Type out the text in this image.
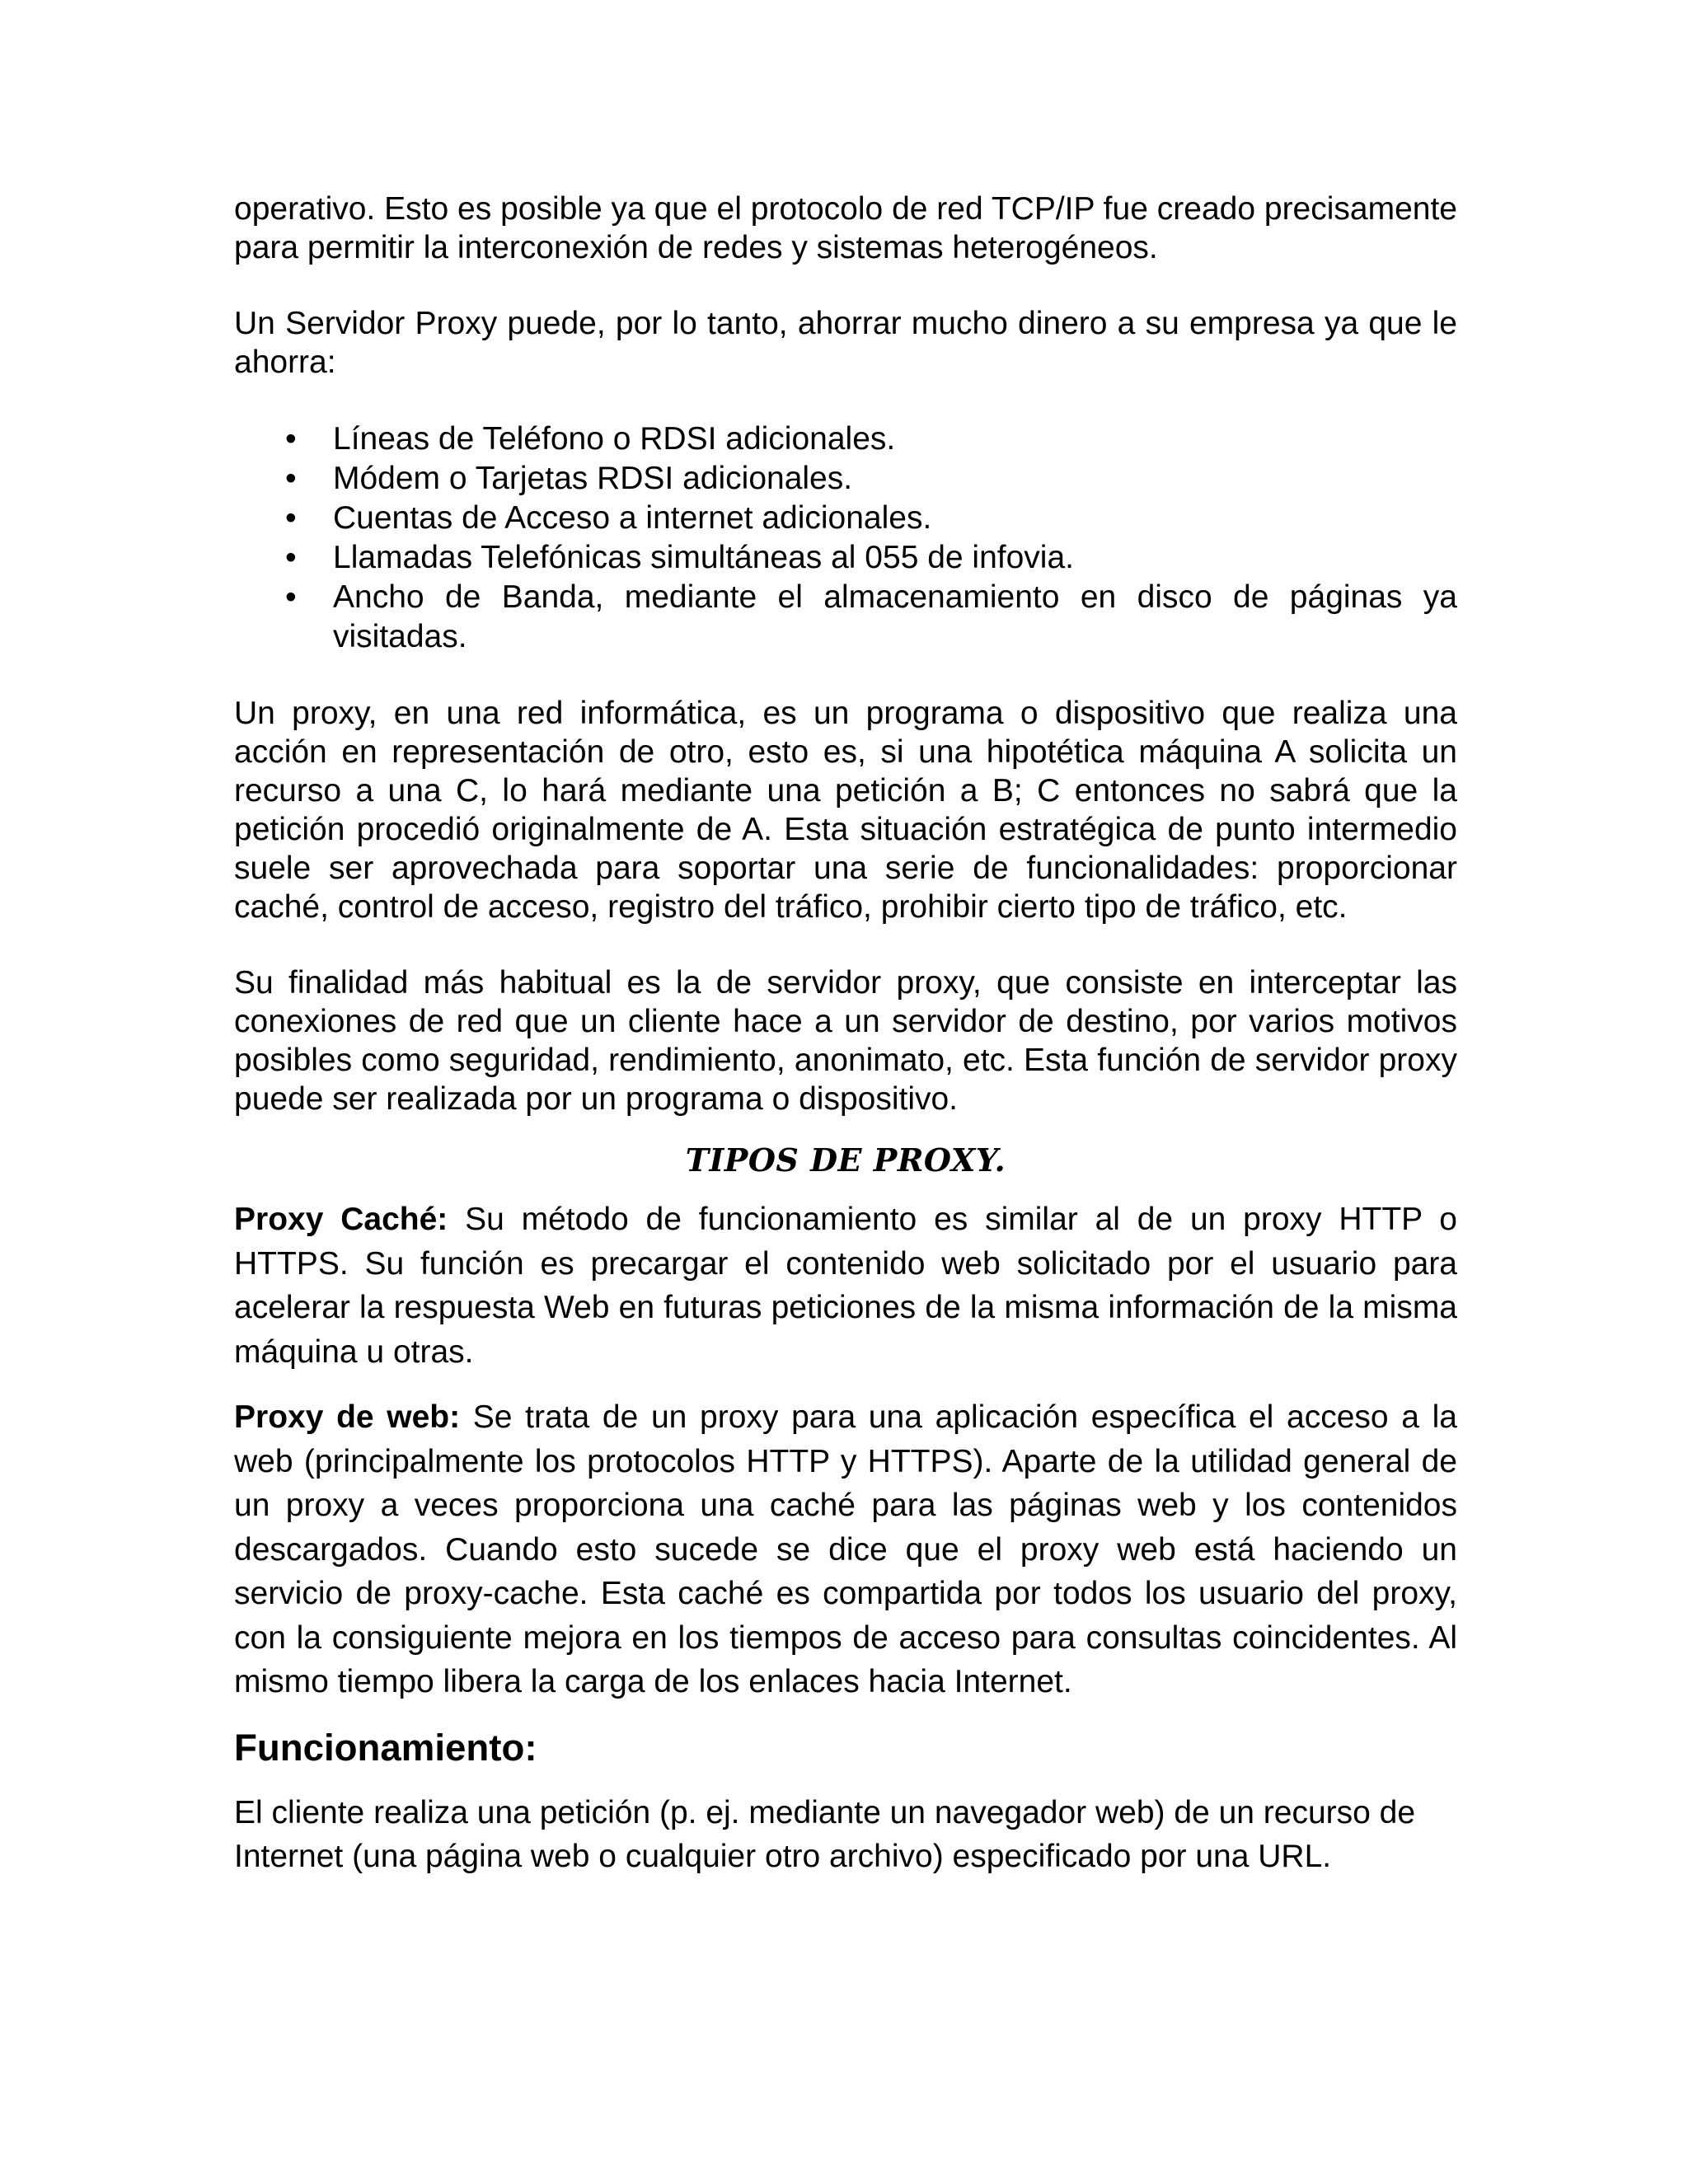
operativo. Esto es posible ya que el protocolo de red TCP/IP fue creado precisamente para permitir la interconexión de redes y sistemas heterogéneos.

Un Servidor Proxy puede, por lo tanto, ahorrar mucho dinero a su empresa ya que le ahorra:

• Líneas de Teléfono o RDSI adicionales.
• Módem o Tarjetas RDSI adicionales.
• Cuentas de Acceso a internet adicionales.
• Llamadas Telefónicas simultáneas al 055 de infovia.
• Ancho de Banda, mediante el almacenamiento en disco de páginas ya visitadas.

Un proxy, en una red informática, es un programa o dispositivo que realiza una acción en representación de otro, esto es, si una hipotética máquina A solicita un recurso a una C, lo hará mediante una petición a B; C entonces no sabrá que la petición procedió originalmente de A. Esta situación estratégica de punto intermedio suele ser aprovechada para soportar una serie de funcionalidades: proporcionar caché, control de acceso, registro del tráfico, prohibir cierto tipo de tráfico, etc.

Su finalidad más habitual es la de servidor proxy, que consiste en interceptar las conexiones de red que un cliente hace a un servidor de destino, por varios motivos posibles como seguridad, rendimiento, anonimato, etc. Esta función de servidor proxy puede ser realizada por un programa o dispositivo.

TIPOS DE PROXY.

Proxy Caché: Su método de funcionamiento es similar al de un proxy HTTP o HTTPS. Su función es precargar el contenido web solicitado por el usuario para acelerar la respuesta Web en futuras peticiones de la misma información de la misma máquina u otras.

Proxy de web: Se trata de un proxy para una aplicación específica el acceso a la web (principalmente los protocolos HTTP y HTTPS). Aparte de la utilidad general de un proxy a veces proporciona una caché para las páginas web y los contenidos descargados. Cuando esto sucede se dice que el proxy web está haciendo un servicio de proxy-cache. Esta caché es compartida por todos los usuario del proxy, con la consiguiente mejora en los tiempos de acceso para consultas coincidentes. Al mismo tiempo libera la carga de los enlaces hacia Internet.

Funcionamiento:

El cliente realiza una petición (p. ej. mediante un navegador web) de un recurso de Internet (una página web o cualquier otro archivo) especificado por una URL.
